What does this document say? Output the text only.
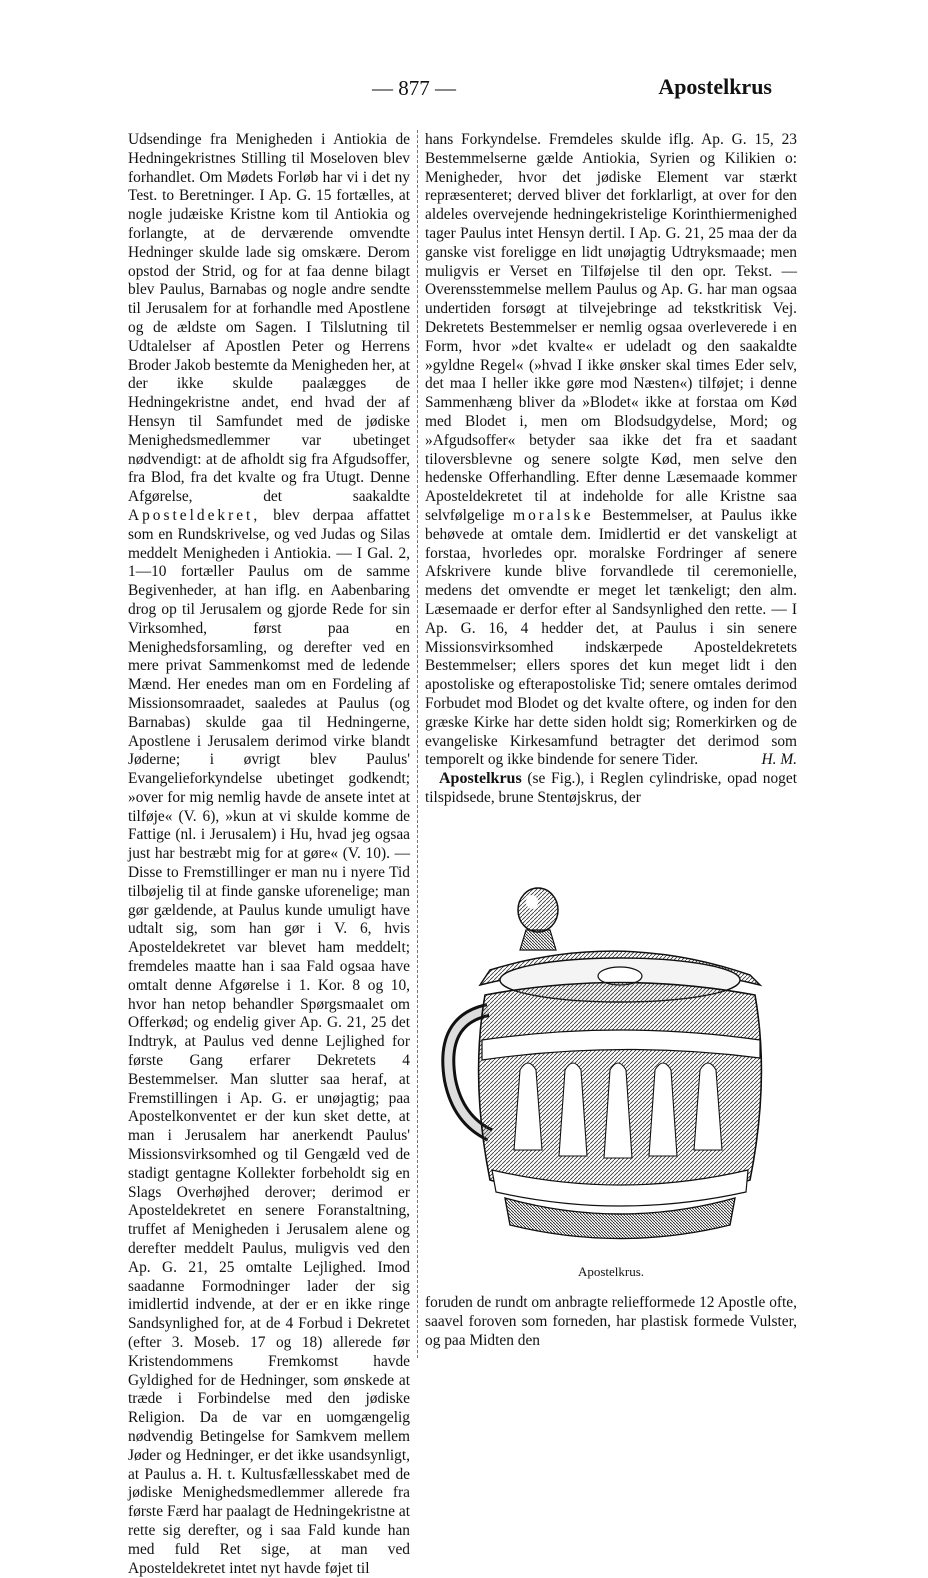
— 877 —	Apostelkrus

Udsendinge fra Menigheden i Antiokia de Hedningekristnes Stilling til Moseloven blev forhandlet. Om Mødets Forløb har vi i det ny Test. to Beretninger. I Ap. G. 15 fortælles, at nogle judæiske Kristne kom til Antiokia og forlangte, at de derværende omvendte Hedninger skulde lade sig omskære. Derom opstod der Strid, og for at faa denne bilagt blev Paulus, Barnabas og nogle andre sendte til Jerusalem for at forhandle med Apostlene og de ældste om Sagen. I Tilslutning til Udtalelser af Apostlen Peter og Herrens Broder Jakob bestemte da Menigheden her, at der ikke skulde paalægges de Hedningekristne andet, end hvad der af Hensyn til Samfundet med de jødiske Menighedsmedlemmer var ubetinget nødvendigt: at de afholdt sig fra Afgudsoffer, fra Blod, fra det kvalte og fra Utugt. Denne Afgørelse, det saakaldte Aposteldekret, blev derpaa affattet som en Rundskrivelse, og ved Judas og Silas meddelt Menigheden i Antiokia. — I Gal. 2, 1—10 fortæller Paulus om de samme Begivenheder, at han iflg. en Aabenbaring drog op til Jerusalem og gjorde Rede for sin Virksomhed, først paa en Menighedsforsamling, og derefter ved en mere privat Sammenkomst med de ledende Mænd. Her enedes man om en Fordeling af Missionsomraadet, saaledes at Paulus (og Barnabas) skulde gaa til Hedningerne, Apostlene i Jerusalem derimod virke blandt Jøderne; i øvrigt blev Paulus' Evangelieforkyndelse ubetinget godkendt; »over for mig nemlig havde de ansete intet at tilføje« (V. 6), »kun at vi skulde komme de Fattige (nl. i Jerusalem) i Hu, hvad jeg ogsaa just har bestræbt mig for at gøre« (V. 10). — Disse to Fremstillinger er man nu i nyere Tid tilbøjelig til at finde ganske uforenelige; man gør gældende, at Paulus kunde umuligt have udtalt sig, som han gør i V. 6, hvis Aposteldekretet var blevet ham meddelt; fremdeles maatte han i saa Fald ogsaa have omtalt denne Afgørelse i 1. Kor. 8 og 10, hvor han netop behandler Spørgsmaalet om Offerkød; og endelig giver Ap. G. 21, 25 det Indtryk, at Paulus ved denne Lejlighed for første Gang erfarer Dekretets 4 Bestemmelser. Man slutter saa heraf, at Fremstillingen i Ap. G. er unøjagtig; paa Apostelkonventet er der kun sket dette, at man i Jerusalem har anerkendt Paulus' Missionsvirksomhed og til Gengæld ved de stadigt gentagne Kollekter forbeholdt sig en Slags Overhøjhed derover; derimod er Aposteldekretet en senere Foranstaltning, truffet af Menigheden i Jerusalem alene og derefter meddelt Paulus, muligvis ved den Ap. G. 21, 25 omtalte Lejlighed. Imod saadanne Formodninger lader der sig imidlertid indvende, at der er en ikke ringe Sandsynlighed for, at de 4 Forbud i Dekretet (efter 3. Moseb. 17 og 18) allerede før Kristendommens Fremkomst havde Gyldighed for de Hedninger, som ønskede at træde i Forbindelse med den jødiske Religion. Da de var en uomgængelig nødvendig Betingelse for Samkvem mellem Jøder og Hedninger, er det ikke usandsynligt, at Paulus a. H. t. Kultusfællesskabet med de jødiske Menighedsmedlemmer allerede fra første Færd har paalagt de Hedningekristne at rette sig derefter, og i saa Fald kunde han med fuld Ret sige, at man ved Aposteldekretet intet nyt havde føjet til

hans Forkyndelse. Fremdeles skulde iflg. Ap. G. 15, 23 Bestemmelserne gælde Antiokia, Syrien og Kilikien o: Menigheder, hvor det jødiske Element var stærkt repræsenteret; derved bliver det forklarligt, at over for den aldeles overvejende hedningekristelige Korinthiermenighed tager Paulus intet Hensyn dertil. I Ap. G. 21, 25 maa der da ganske vist foreligge en lidt unøjagtig Udtryksmaade; men muligvis er Verset en Tilføjelse til den opr. Tekst. — Overensstemmelse mellem Paulus og Ap. G. har man ogsaa undertiden forsøgt at tilvejebringe ad tekstkritisk Vej. Dekretets Bestemmelser er nemlig ogsaa overleverede i en Form, hvor »det kvalte« er udeladt og den saakaldte »gyldne Regel« (»hvad I ikke ønsker skal times Eder selv, det maa I heller ikke gøre mod Næsten«) tilføjet; i denne Sammenhæng bliver da »Blodet« ikke at forstaa om Kød med Blodet i, men om Blodsudgydelse, Mord; og »Afgudsoffer« betyder saa ikke det fra et saadant tiloversblevne og senere solgte Kød, men selve den hedenske Offerhandling. Efter denne Læsemaade kommer Aposteldekretet til at indeholde for alle Kristne saa selvfølgelige moralske Bestemmelser, at Paulus ikke behøvede at omtale dem. Imidlertid er det vanskeligt at forstaa, hvorledes opr. moralske Fordringer af senere Afskrivere kunde blive forvandlede til ceremonielle, medens det omvendte er meget let tænkeligt; den alm. Læsemaade er derfor efter al Sandsynlighed den rette. — I Ap. G. 16, 4 hedder det, at Paulus i sin senere Missionsvirksomhed indskærpede Aposteldekretets Bestemmelser; ellers spores det kun meget lidt i den apostoliske og efterapostoliske Tid; senere omtales derimod Forbudet mod Blodet og det kvalte oftere, og inden for den græske Kirke har dette siden holdt sig; Romerkirken og de evangeliske Kirkesamfund betragter det derimod som temporelt og ikke bindende for senere Tider.	H. M.

Apostelkrus (se Fig.), i Reglen cylindriske, opad noget tilspidsede, brune Stentøjskrus, der

Apostelkrus.
foruden de rundt om anbragte reliefformede 12 Apostle ofte, saavel foroven som forneden, har plastisk formede Vulster, og paa Midten den
